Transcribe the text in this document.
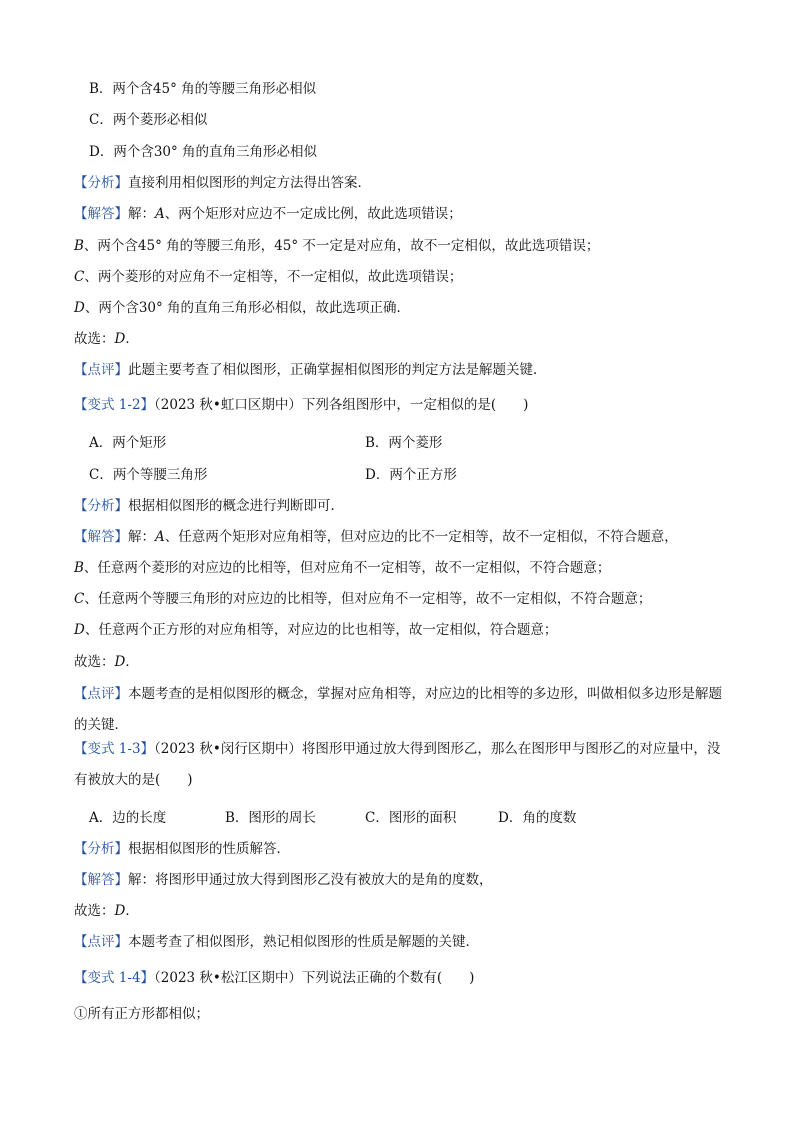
B．两个含45° 角的等腰三角形必相似
C．两个菱形必相似
D．两个含30° 角的直角三角形必相似
【分析】直接利用相似图形的判定方法得出答案．
【解答】解：A、两个矩形对应边不一定成比例，故此选项错误；
B、两个含45° 角的等腰三角形，45° 不一定是对应角，故不一定相似，故此选项错误；
C、两个菱形的对应角不一定相等，不一定相似，故此选项错误；
D、两个含30° 角的直角三角形必相似，故此选项正确．
故选：D．
【点评】此题主要考查了相似图形，正确掌握相似图形的判定方法是解题关键．
【变式 1-2】（2023 秋•虹口区期中）下列各组图形中，一定相似的是(　　)
A．两个矩形	B．两个菱形
C．两个等腰三角形	D．两个正方形
【分析】根据相似图形的概念进行判断即可．
【解答】解：A、任意两个矩形对应角相等，但对应边的比不一定相等，故不一定相似，不符合题意，
B、任意两个菱形的对应边的比相等，但对应角不一定相等，故不一定相似，不符合题意；
C、任意两个等腰三角形的对应边的比相等，但对应角不一定相等，故不一定相似，不符合题意；
D、任意两个正方形的对应角相等，对应边的比也相等，故一定相似，符合题意；
故选：D．
【点评】本题考查的是相似图形的概念，掌握对应角相等，对应边的比相等的多边形，叫做相似多边形是解题的关键．
【变式 1-3】（2023 秋•闵行区期中）将图形甲通过放大得到图形乙，那么在图形甲与图形乙的对应量中，没有被放大的是(　　)
A．边的长度	B．图形的周长	C．图形的面积	D．角的度数
【分析】根据相似图形的性质解答．
【解答】解：将图形甲通过放大得到图形乙没有被放大的是角的度数，
故选：D．
【点评】本题考查了相似图形，熟记相似图形的性质是解题的关键．
【变式 1-4】（2023 秋•松江区期中）下列说法正确的个数有(　　)
①所有正方形都相似；
